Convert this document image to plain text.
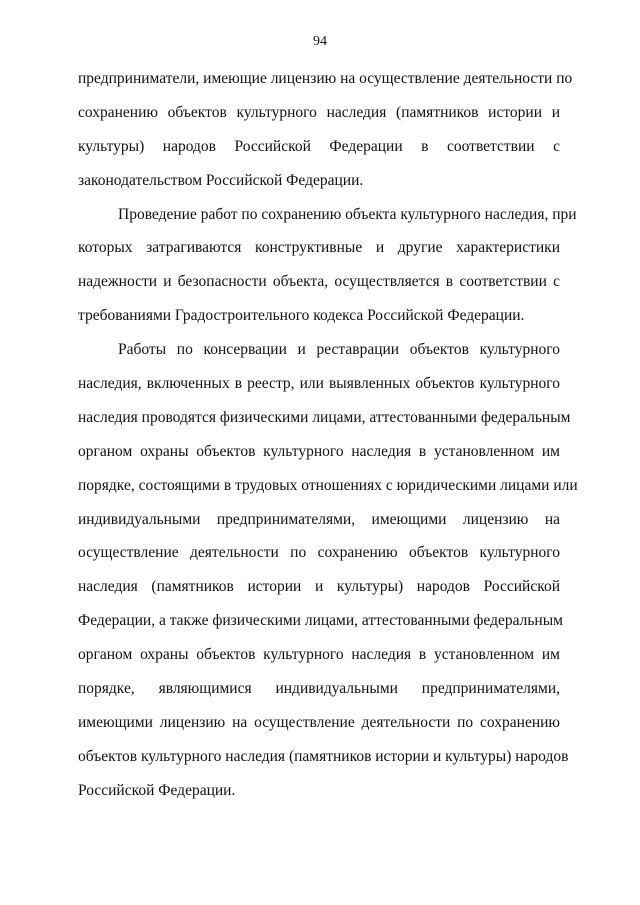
94
предприниматели, имеющие лицензию на осуществление деятельности по
сохранению объектов культурного наследия (памятников истории и
культуры) народов Российской Федерации в соответствии с
законодательством Российской Федерации.
Проведение работ по сохранению объекта культурного наследия, при
которых затрагиваются конструктивные и другие характеристики
надежности и безопасности объекта, осуществляется в соответствии с
требованиями Градостроительного кодекса Российской Федерации.
Работы по консервации и реставрации объектов культурного
наследия, включенных в реестр, или выявленных объектов культурного
наследия проводятся физическими лицами, аттестованными федеральным
органом охраны объектов культурного наследия в установленном им
порядке, состоящими в трудовых отношениях с юридическими лицами или
индивидуальными предпринимателями, имеющими лицензию на
осуществление деятельности по сохранению объектов культурного
наследия (памятников истории и культуры) народов Российской
Федерации, а также физическими лицами, аттестованными федеральным
органом охраны объектов культурного наследия в установленном им
порядке, являющимися индивидуальными предпринимателями,
имеющими лицензию на осуществление деятельности по сохранению
объектов культурного наследия (памятников истории и культуры) народов
Российской Федерации.
